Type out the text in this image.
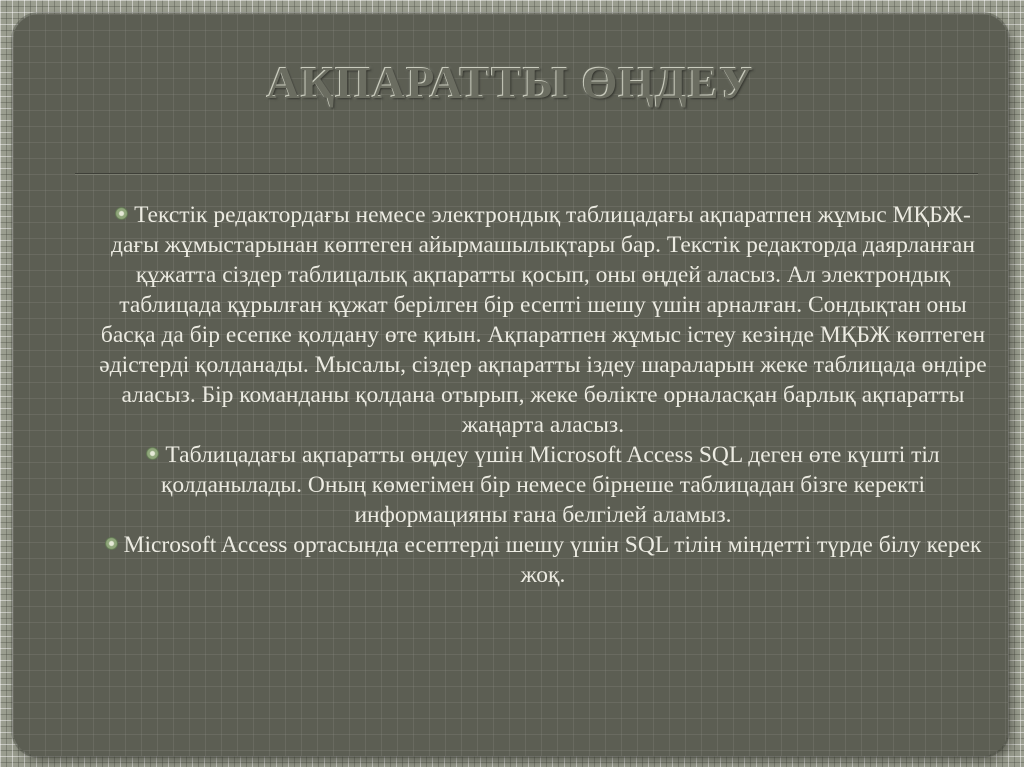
АҚПАРАТТЫ ӨҢДЕУ
Текстік редактордағы немесе электрондық таблицадағы ақпаратпен жұмыс МҚБЖ-дағы жұмыстарынан көптеген айырмашылықтары бар. Текстік редакторда даярланған құжатта сіздер таблицалық ақпаратты қосып, оны өңдей аласыз. Ал электрондық таблицада құрылған құжат берілген бір есепті шешу үшін арналған. Сондықтан оны басқа да бір есепке қолдану өте қиын. Ақпаратпен жұмыс істеу кезінде МҚБЖ көптеген әдістерді қолданады. Мысалы, сіздер ақпаратты іздеу шараларын жеке таблицада өндіре аласыз. Бір команданы қолдана отырып, жеке бөлікте орналасқан барлық ақпаратты жаңарта аласыз.
Таблицадағы ақпаратты өңдеу үшін Microsoft Access SQL деген өте күшті тіл қолданылады. Оның көмегімен бір немесе бірнеше таблицадан бізге керекті информацияны ғана белгілей аламыз.
Microsoft Access ортасында есептерді шешу үшін SQL тілін міндетті түрде білу керек жоқ.
